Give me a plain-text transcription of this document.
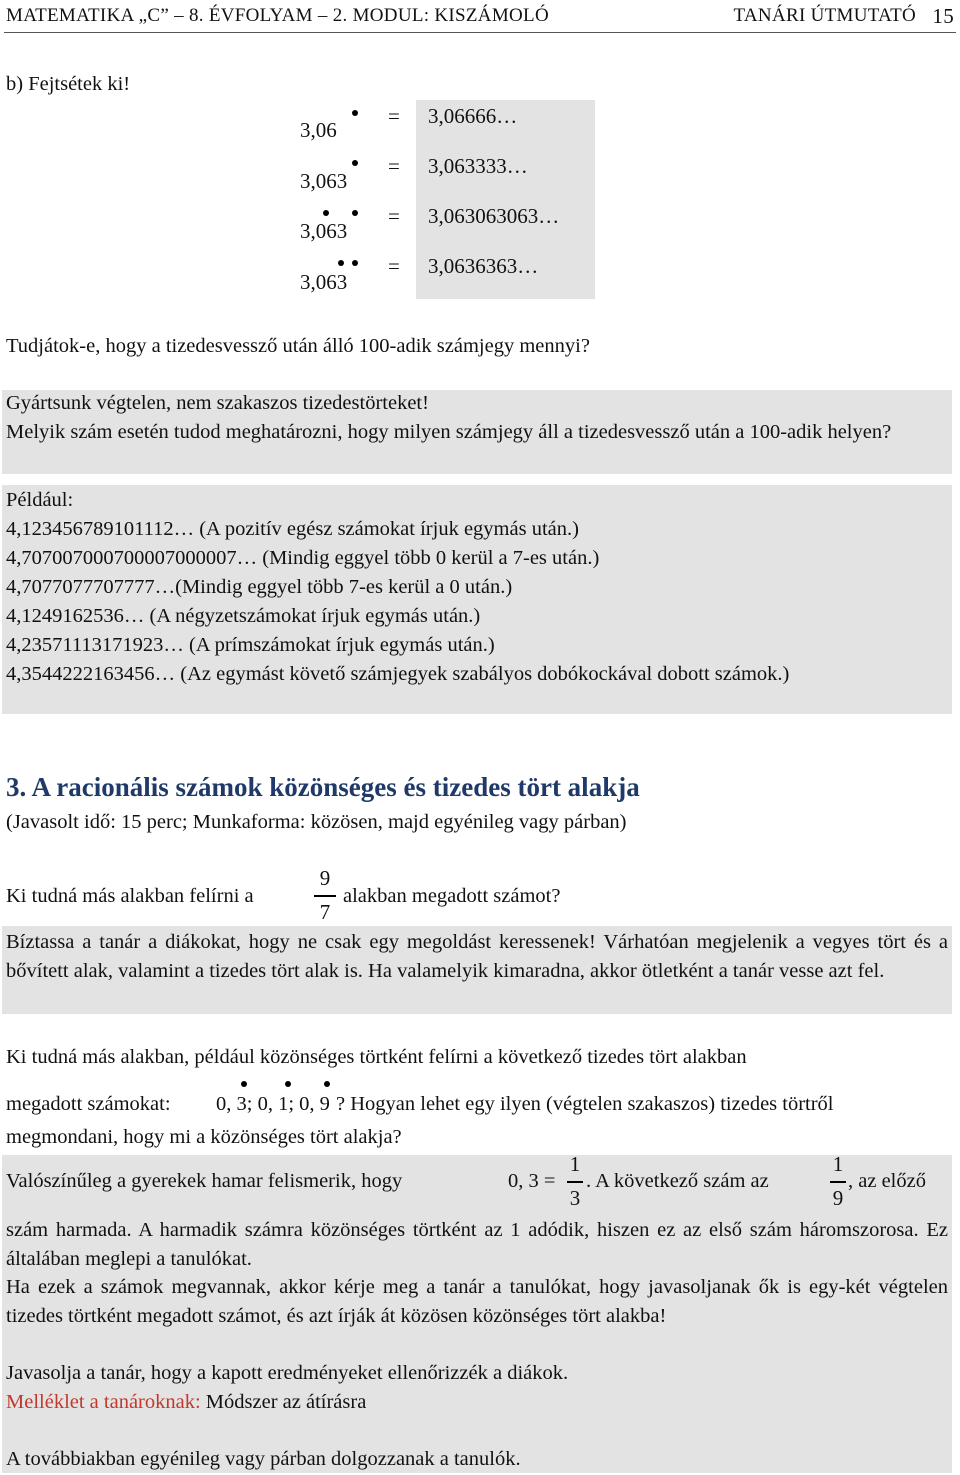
MATEMATIKA „C” – 8. ÉVFOLYAM – 2. MODUL: KISZÁMOLÓ	TANÁRI ÚTMUTATÓ 15
b) Fejtsétek ki!
3,06
= 3,06666…
3,063
= 3,063333…
3,063
= 3,063063063…
3,063
= 3,0636363…
Tudjátok-e, hogy a tizedesvessző után álló 100-adik számjegy mennyi?
Gyártsunk végtelen, nem szakaszos tizedestörteket!
Melyik szám esetén tudod meghatározni, hogy milyen számjegy áll a tizedesvessző után a 100-adik helyen?
Például:
4,123456789101112… (A pozitív egész számokat írjuk egymás után.)
4,707007000700007000007… (Mindig eggyel több 0 kerül a 7-es után.)
4,7077077707777…(Mindig eggyel több 7-es kerül a 0 után.)
4,1249162536… (A négyzetszámokat írjuk egymás után.)
4,23571113171923… (A prímszámokat írjuk egymás után.)
4,3544222163456… (Az egymást követő számjegyek szabályos dobókockával dobott számok.)
3. A racionális számok közönséges és tizedes tört alakja
(Javasolt idő: 15 perc; Munkaforma: közösen, majd egyénileg vagy párban)
Ki tudná más alakban felírni a
9
7
alakban megadott számot?
Bíztassa a tanár a diákokat, hogy ne csak egy megoldást keressenek! Várhatóan megjelenik a vegyes tört és a bővített alak, valamint a tizedes tört alak is. Ha valamelyik kimaradna, akkor ötletként a tanár vesse azt fel.
Ki tudná más alakban, például közönséges törtként felírni a következő tizedes tört alakban
megadott számokat: 0, 3; 0, 1; 0, 9 ? Hogyan lehet egy ilyen (végtelen szakaszos) tizedes törtről
megmondani, hogy mi a közönséges tört alakja?
Valószínűleg a gyerekek hamar felismerik, hogy	0, 3 =
1
3
. A következő szám az
1
9
, az előző
szám harmada. A harmadik számra közönséges törtként az 1 adódik, hiszen ez az első szám háromszorosa. Ez általában meglepi a tanulókat.
Ha ezek a számok megvannak, akkor kérje meg a tanár a tanulókat, hogy javasoljanak ők is egy-két végtelen tizedes törtként megadott számot, és azt írják át közösen közönséges tört alakba!
Javasolja a tanár, hogy a kapott eredményeket ellenőrizzék a diákok.
Melléklet a tanároknak: Módszer az átírásra
A továbbiakban egyénileg vagy párban dolgozzanak a tanulók.
